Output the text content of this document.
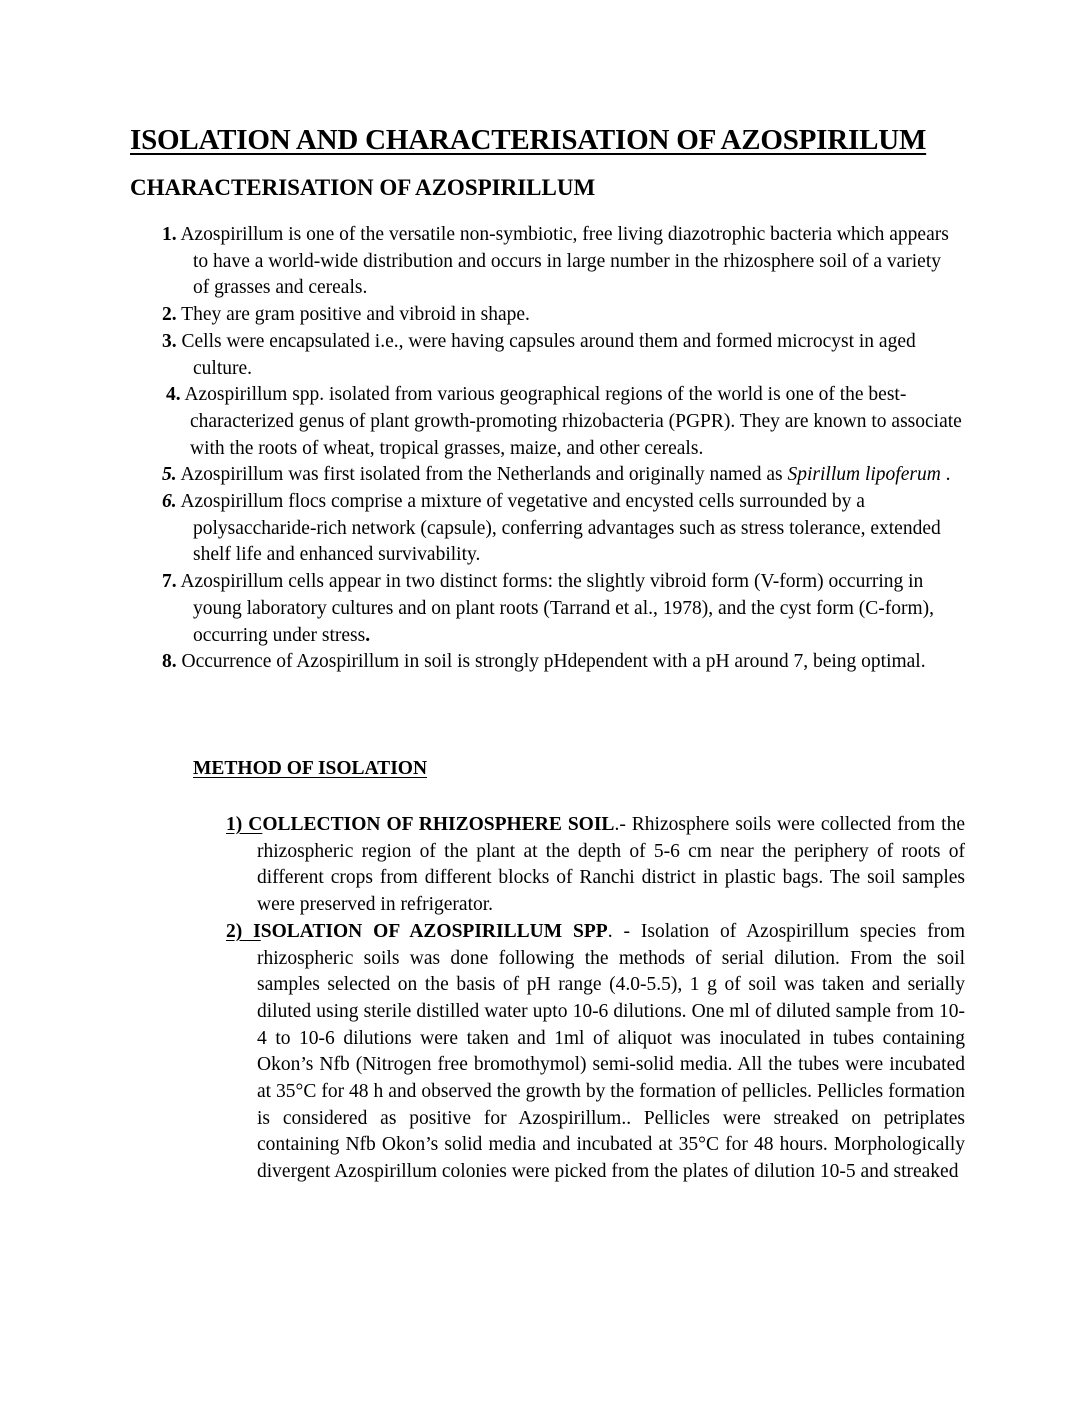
ISOLATION AND CHARACTERISATION OF AZOSPIRILUM
CHARACTERISATION OF AZOSPIRILLUM
1. Azospirillum is one of the versatile non-symbiotic, free living diazotrophic bacteria which appears to have a world-wide distribution and occurs in large number in the rhizosphere soil of a variety of grasses and cereals.
2. They are gram positive and vibroid in shape.
3. Cells were encapsulated i.e., were having capsules around them and formed microcyst in aged culture.
4. Azospirillum spp. isolated from various geographical regions of the world is one of the best-characterized genus of plant growth-promoting rhizobacteria (PGPR). They are known to associate with the roots of wheat, tropical grasses, maize, and other cereals.
5. Azospirillum was first isolated from the Netherlands and originally named as Spirillum lipoferum .
6. Azospirillum flocs comprise a mixture of vegetative and encysted cells surrounded by a polysaccharide-rich network (capsule), conferring advantages such as stress tolerance, extended shelf life and enhanced survivability.
7. Azospirillum cells appear in two distinct forms: the slightly vibroid form (V-form) occurring in young laboratory cultures and on plant roots (Tarrand et al., 1978), and the cyst form (C-form), occurring under stress.
8. Occurrence of Azospirillum in soil is strongly pHdependent with a pH around 7, being optimal.
METHOD OF ISOLATION
1) COLLECTION OF RHIZOSPHERE SOIL.- Rhizosphere soils were collected from the rhizospheric region of the plant at the depth of 5-6 cm near the periphery of roots of different crops from different blocks of Ranchi district in plastic bags. The soil samples were preserved in refrigerator.
2) ISOLATION OF AZOSPIRILLUM SPP. - Isolation of Azospirillum species from rhizospheric soils was done following the methods of serial dilution. From the soil samples selected on the basis of pH range (4.0-5.5), 1 g of soil was taken and serially diluted using sterile distilled water upto 10-6 dilutions. One ml of diluted sample from 10-4 to 10-6 dilutions were taken and 1ml of aliquot was inoculated in tubes containing Okon’s Nfb (Nitrogen free bromothymol) semi-solid media. All the tubes were incubated at 35°C for 48 h and observed the growth by the formation of pellicles. Pellicles formation is considered as positive for Azospirillum.. Pellicles were streaked on petriplates containing Nfb Okon’s solid media and incubated at 35°C for 48 hours. Morphologically divergent Azospirillum colonies were picked from the plates of dilution 10-5 and streaked
